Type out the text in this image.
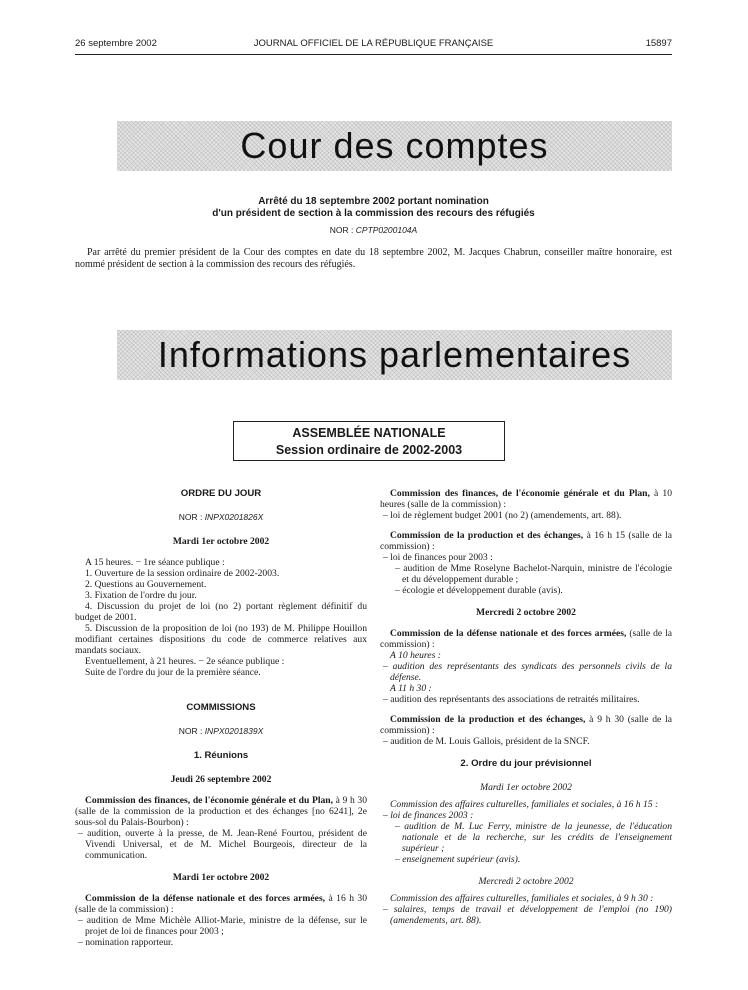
26 septembre 2002	JOURNAL OFFICIEL DE LA RÉPUBLIQUE FRANÇAISE	15897
Cour des comptes
Arrêté du 18 septembre 2002 portant nomination
d'un président de section à la commission des recours des réfugiés
NOR : CPTP0200104A
Par arrêté du premier président de la Cour des comptes en date du 18 septembre 2002, M. Jacques Chabrun, conseiller maître honoraire, est nommé président de section à la commission des recours des réfugiés.
Informations parlementaires
ASSEMBLÉE NATIONALE
Session ordinaire de 2002-2003

ORDRE DU JOUR

NOR : INPX0201826X

Mardi 1er octobre 2002

A 15 heures. − 1re séance publique :

1. Ouverture de la session ordinaire de 2002-2003.

2. Questions au Gouvernement.

3. Fixation de l'ordre du jour.

4. Discussion du projet de loi (no 2) portant règlement définitif du budget de 2001.

5. Discussion de la proposition de loi (no 193) de M. Philippe Houillon modifiant certaines dispositions du code de commerce relatives aux mandats sociaux.

Eventuellement, à 21 heures. − 2e séance publique :

Suite de l'ordre du jour de la première séance.

COMMISSIONS

NOR : INPX0201839X

1. Réunions

Jeudi 26 septembre 2002

Commission des finances, de l'économie générale et du Plan, à 9 h 30 (salle de la commission de la production et des échanges [no 6241], 2e sous-sol du Palais-Bourbon) :

– audition, ouverte à la presse, de M. Jean-René Fourtou, président de Vivendi Universal, et de M. Michel Bourgeois, directeur de la communication.

Mardi 1er octobre 2002

Commission de la défense nationale et des forces armées, à 16 h 30 (salle de la commission) :

– audition de Mme Michèle Alliot-Marie, ministre de la défense, sur le projet de loi de finances pour 2003 ;

– nomination rapporteur.

Commission des finances, de l'économie générale et du Plan, à 10 heures (salle de la commission) :

– loi de règlement budget 2001 (no 2) (amendements, art. 88).

Commission de la production et des échanges, à 16 h 15 (salle de la commission) :

– loi de finances pour 2003 :

– audition de Mme Roselyne Bachelot-Narquin, ministre de l'écologie et du développement durable ;

– écologie et développement durable (avis).

Mercredi 2 octobre 2002

Commission de la défense nationale et des forces armées, (salle de la commission) :

A 10 heures :

– audition des représentants des syndicats des personnels civils de la défense.

A 11 h 30 :

– audition des représentants des associations de retraités militaires.

Commission de la production et des échanges, à 9 h 30 (salle de la commission) :

– audition de M. Louis Gallois, président de la SNCF.

2. Ordre du jour prévisionnel

Mardi 1er octobre 2002

Commission des affaires culturelles, familiales et sociales, à 16 h 15 :

– loi de finances 2003 :

– audition de M. Luc Ferry, ministre de la jeunesse, de l'éducation nationale et de la recherche, sur les crédits de l'enseignement supérieur ;

– enseignement supérieur (avis).

Mercredi 2 octobre 2002

Commission des affaires culturelles, familiales et sociales, à 9 h 30 :

– salaires, temps de travail et développement de l'emploi (no 190) (amendements, art. 88).
